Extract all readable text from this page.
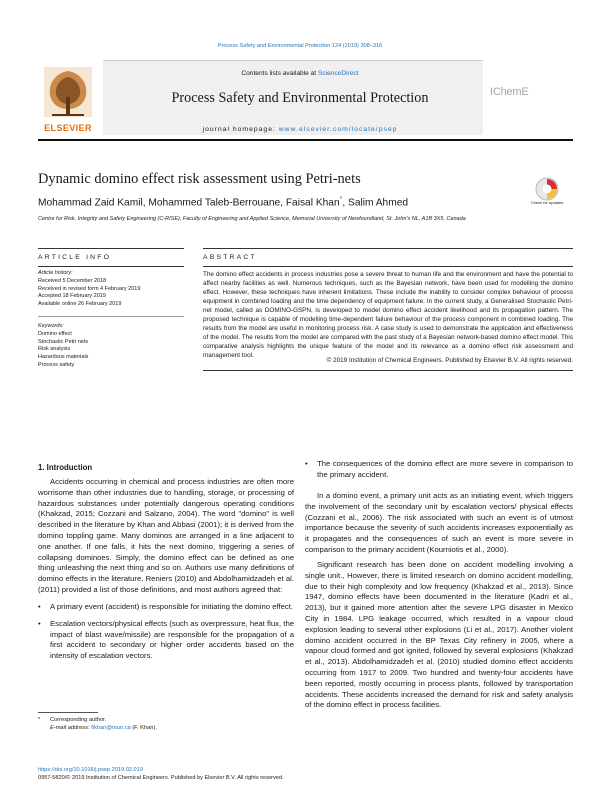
Process Safety and Environmental Protection 124 (2019) 308–316
Contents lists available at ScienceDirect
Process Safety and Environmental Protection
journal homepage: www.elsevier.com/locate/psep
ELSEVIER
IChemE
Dynamic domino effect risk assessment using Petri-nets
Check for updates
Mohammad Zaid Kamil, Mohammed Taleb-Berrouane, Faisal Khan*, Salim Ahmed
Centre for Risk, Integrity and Safety Engineering (C-RISE), Faculty of Engineering and Applied Science, Memorial University of Newfoundland, St. John's NL, A1B 3X5, Canada
ARTICLE INFO	ABSTRACT
Article history:
Received 5 December 2018
Received in revised form 4 February 2019
Accepted 18 February 2019
Available online 26 February 2019
Keywords:
Domino effect
Stochastic Petri nets
Risk analysis
Hazardous materials
Process safety
The domino effect accidents in process industries pose a severe threat to human life and the environment and have the potential to affect nearby facilities as well. Numerous techniques, such as the Bayesian network, have been used for modelling the domino effect. However, these techniques have inherent limitations. These include the inability to consider complex behaviour of process equipment in combined loading and the time dependency of equipment failure. In the current study, a Generalised Stochastic Petri-net model, called as DOMINO-GSPN, is developed to model domino effect accident likelihood and its propagation pattern. The proposed technique is capable of modelling time-dependent failure behaviour of the process component in combined loading. The results from the model are useful in monitoring process risk. A case study is used to demonstrate the application and effectiveness of the model. The results from the model are compared with the past study of a Bayesian network-based domino effect model. This comparative analysis highlights the unique feature of the model and its relevance as a domino effect risk assessment and management tool.
© 2019 Institution of Chemical Engineers. Published by Elsevier B.V. All rights reserved.
1. Introduction
Accidents occurring in chemical and process industries are often more worrisome than other industries due to handling, storage, or processing of hazardous substances under potentially dangerous operating conditions (Khakzad, 2015; Cozzani and Salzano, 2004). The word "domino" is well described in the literature by Khan and Abbasi (2001); it is derived from the domino toppling game. Many dominos are arranged in a line adjacent to one another. If one falls, it hits the next domino, triggering a series of collapsing dominoes. Simply, the domino effect can be defined as one thing unleashing the next thing and so on. Authors use many definitions of domino effects in the literature. Reniers (2010) and Abdolhamidzadeh et al. (2011) provided a list of those definitions, and most authors agreed that:
•	A primary event (accident) is responsible for initiating the domino effect.
•	Escalation vectors/physical effects (such as overpressure, heat flux, the impact of blast wave/missile) are responsible for the propagation of a first accident to secondary or higher order accidents based on the intensity of escalation vectors.
•	The consequences of the domino effect are more severe in comparison to the primary accident.
In a domino event, a primary unit acts as an initiating event, which triggers the involvement of the secondary unit by escalation vectors/ physical effects (Cozzani et al., 2006). The risk associated with such an event is of utmost importance because the severity of such accidents increases exponentially as it propagates and the consequences of such an event is more severe in comparison to the primary accident (Kourniotis et al., 2000).
Significant research has been done on accident modelling involving a single unit., However, there is limited research on domino accident modelling, due to their high complexity and low frequency (Khakzad et al., 2013). Since 1947, domino effects have been documented in the literature (Kadri et al., 2013), but it gained more attention after the severe LPG disaster in Mexico City in 1984. LPG leakage occurred, which resulted in a vapour cloud explosion leading to several other explosions (Li et al., 2017). Another violent domino accident occurred in the BP Texas City refinery in 2005, where a vapour cloud formed and got ignited, followed by several explosions (Khakzad et al., 2013). Abdolhamidzadeh et al. (2010) studied domino effect accidents occurring from 1917 to 2009. Two hundred and twenty-four accidents have been reported, mostly occurring in process plants, followed by transportation accidents. These accidents increased the demand for risk and safety analysis of the domino effect in process facilities.
* Corresponding author.
E-mail address: fikhan@mun.ca (F. Khan).
https://doi.org/10.1016/j.psep.2019.02.019
0957-5820/© 2019 Institution of Chemical Engineers. Published by Elsevier B.V. All rights reserved.
